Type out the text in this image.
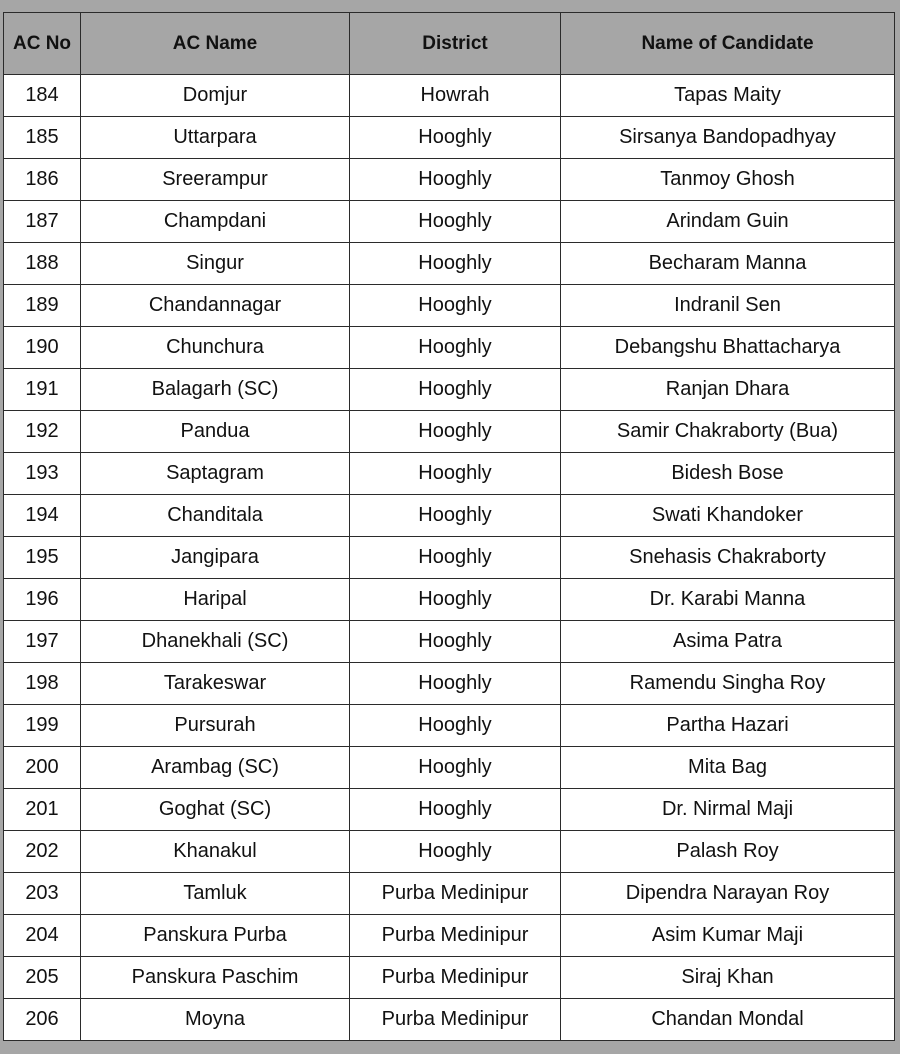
AC No	AC Name	District	Name of Candidate
184	Domjur	Howrah	Tapas Maity
185	Uttarpara	Hooghly	Sirsanya Bandopadhyay
186	Sreerampur	Hooghly	Tanmoy Ghosh
187	Champdani	Hooghly	Arindam Guin
188	Singur	Hooghly	Becharam Manna
189	Chandannagar	Hooghly	Indranil Sen
190	Chunchura	Hooghly	Debangshu Bhattacharya
191	Balagarh (SC)	Hooghly	Ranjan Dhara
192	Pandua	Hooghly	Samir Chakraborty (Bua)
193	Saptagram	Hooghly	Bidesh Bose
194	Chanditala	Hooghly	Swati Khandoker
195	Jangipara	Hooghly	Snehasis Chakraborty
196	Haripal	Hooghly	Dr. Karabi Manna
197	Dhanekhali (SC)	Hooghly	Asima Patra
198	Tarakeswar	Hooghly	Ramendu Singha Roy
199	Pursurah	Hooghly	Partha Hazari
200	Arambag (SC)	Hooghly	Mita Bag
201	Goghat (SC)	Hooghly	Dr. Nirmal Maji
202	Khanakul	Hooghly	Palash Roy
203	Tamluk	Purba Medinipur	Dipendra Narayan Roy
204	Panskura Purba	Purba Medinipur	Asim Kumar Maji
205	Panskura Paschim	Purba Medinipur	Siraj Khan
206	Moyna	Purba Medinipur	Chandan Mondal
